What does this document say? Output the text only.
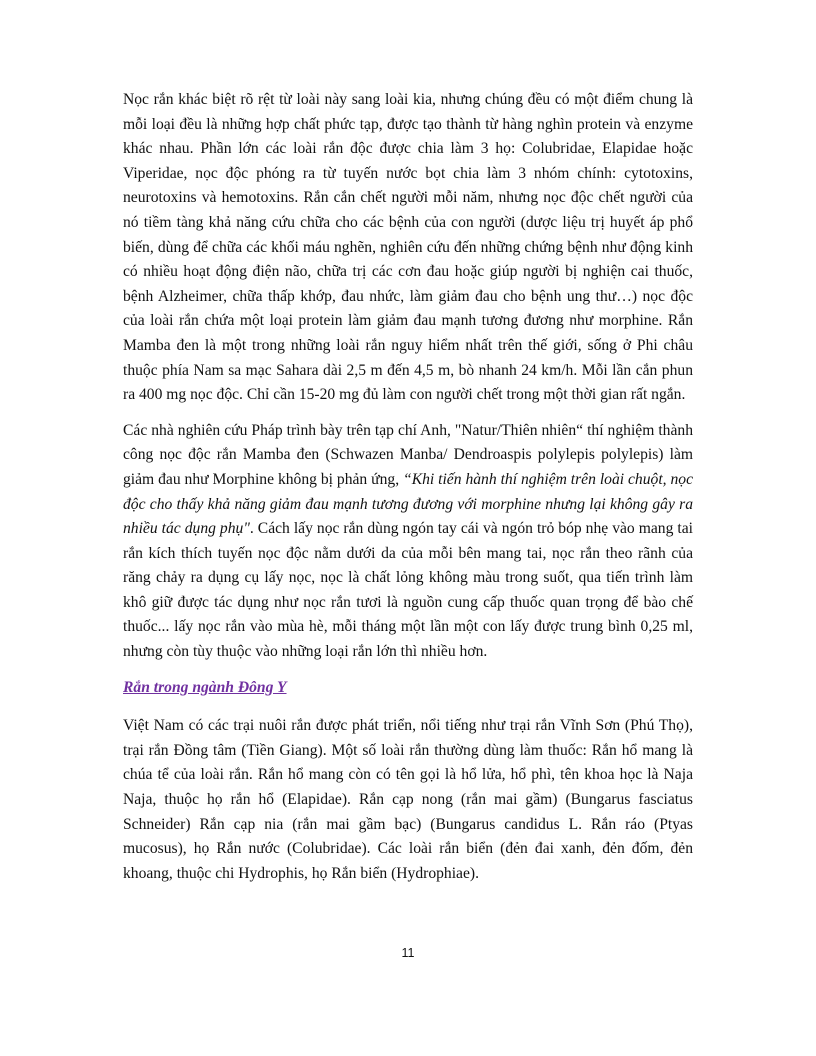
Nọc rắn khác biệt rõ rệt từ loài này sang loài kia, nhưng chúng đều có một điểm chung là mỗi loại đều là những hợp chất phức tạp, được tạo thành từ hàng nghìn protein và enzyme khác nhau. Phần lớn các loài rắn độc được chia làm 3 họ: Colubridae, Elapidae hoặc Viperidae, nọc độc phóng ra từ tuyến nước bọt chia làm 3 nhóm chính: cytotoxins, neurotoxins và hemotoxins. Rắn cắn chết người mỗi năm, nhưng nọc độc chết người của nó tiềm tàng khả năng cứu chữa cho các bệnh của con người (dược liệu trị huyết áp phổ biến, dùng để chữa các khối máu nghẽn, nghiên cứu đến những chứng bệnh như động kinh có nhiều hoạt động điện não, chữa trị các cơn đau hoặc giúp người bị nghiện cai thuốc, bệnh Alzheimer, chữa thấp khớp, đau nhức, làm giảm đau cho bệnh ung thư…) nọc độc của loài rắn chứa một loại protein làm giảm đau mạnh tương đương như morphine. Rắn Mamba đen là một trong những loài rắn nguy hiểm nhất trên thế giới, sống ở Phi châu thuộc phía Nam sa mạc Sahara dài 2,5 m đến 4,5 m, bò nhanh 24 km/h. Mỗi lần cắn phun ra 400 mg nọc độc. Chỉ cần 15-20 mg đủ làm con người chết trong một thời gian rất ngắn.

Các nhà nghiên cứu Pháp trình bày trên tạp chí Anh, "Natur/Thiên nhiên“ thí nghiệm thành công nọc độc rắn Mamba đen (Schwazen Manba/ Dendroaspis polylepis polylepis) làm giảm đau như Morphine không bị phản ứng, “Khi tiến hành thí nghiệm trên loài chuột, nọc độc cho thấy khả năng giảm đau mạnh tương đương với morphine nhưng lại không gây ra nhiều tác dụng phụ". Cách lấy nọc rắn dùng ngón tay cái và ngón trỏ bóp nhẹ vào mang tai rắn kích thích tuyến nọc độc nằm dưới da của mỗi bên mang tai, nọc rắn theo rãnh của răng chảy ra dụng cụ lấy nọc, nọc là chất lỏng không màu trong suốt, qua tiến trình làm khô giữ được tác dụng như nọc rắn tươi là nguồn cung cấp thuốc quan trọng để bào chế thuốc... lấy nọc rắn vào mùa hè, mỗi tháng một lần một con lấy được trung bình 0,25 ml, nhưng còn tùy thuộc vào những loại rắn lớn thì nhiều hơn.

Rắn trong ngành Đông Y

Việt Nam có các trại nuôi rắn được phát triển, nổi tiếng như trại rắn Vĩnh Sơn (Phú Thọ), trại rắn Đồng tâm (Tiền Giang). Một số loài rắn thường dùng làm thuốc: Rắn hổ mang là chúa tể của loài rắn. Rắn hổ mang còn có tên gọi là hổ lửa, hổ phì, tên khoa học là Naja Naja, thuộc họ rắn hổ (Elapidae). Rắn cạp nong (rắn mai gầm) (Bungarus fasciatus Schneider) Rắn cạp nia (rắn mai gầm bạc) (Bungarus candidus L. Rắn ráo (Ptyas mucosus), họ Rắn nước (Colubridae). Các loài rắn biển (đẻn đai xanh, đẻn đốm, đẻn khoang, thuộc chi Hydrophis, họ Rắn biển (Hydrophiae).

11
